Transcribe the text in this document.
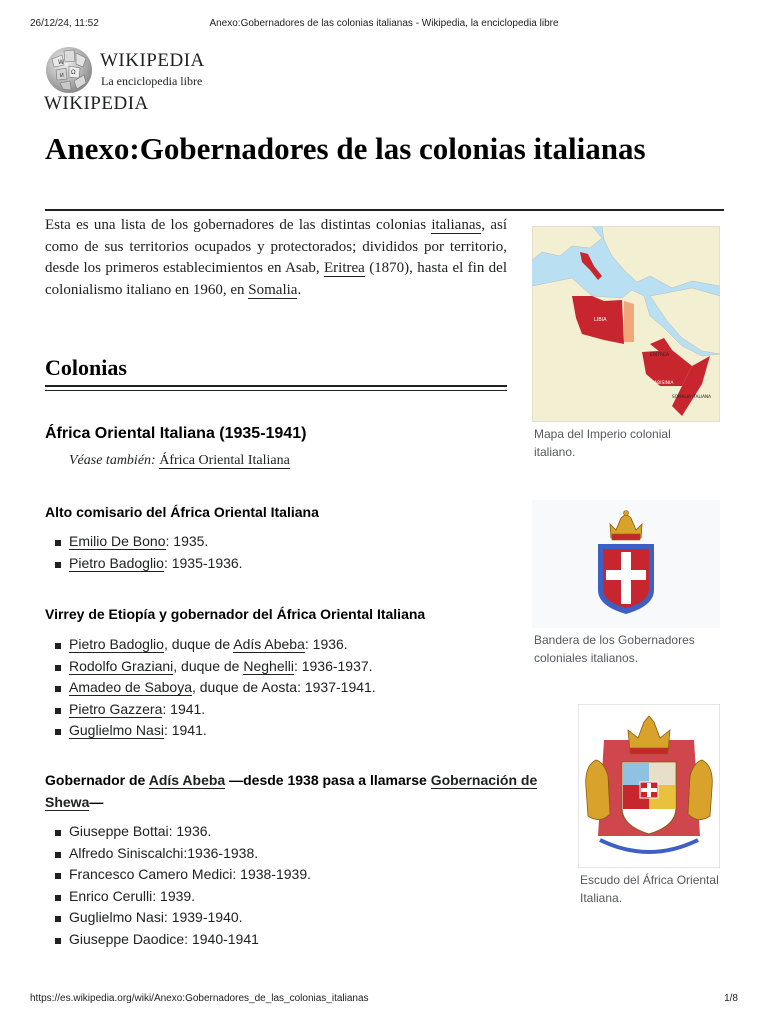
26/12/24, 11:52	Anexo:Gobernadores de las colonias italianas - Wikipedia, la enciclopedia libre
W
Ω
И
WIKIPEDIA
La enciclopedia libre
WIKIPEDIA
Anexo:Gobernadores de las colonias italianas

Esta es una lista de los gobernadores de las distintas colonias italianas, así como de sus territorios ocupados y protectorados; divididos por territorio, desde los primeros establecimientos en Asab, Eritrea (1870), hasta el fin del colonialismo italiano en 1960, en Somalia.

Colonias
África Oriental Italiana (1935-1941)
Véase también: África Oriental Italiana
Alto comisario del África Oriental Italiana
Emilio De Bono: 1935.
Pietro Badoglio: 1935-1936.
Virrey de Etiopía y gobernador del África Oriental Italiana
Pietro Badoglio, duque de Adís Abeba: 1936.
Rodolfo Graziani, duque de Neghelli: 1936-1937.
Amadeo de Saboya, duque de Aosta: 1937-1941.
Pietro Gazzera: 1941.
Guglielmo Nasi: 1941.
Gobernador de Adís Abeba —desde 1938 pasa a llamarse Gobernación de Shewa—
Giuseppe Bottai: 1936.
Alfredo Siniscalchi:1936-1938.
Francesco Camero Medici: 1938-1939.
Enrico Cerulli: 1939.
Guglielmo Nasi: 1939-1940.
Giuseppe Daodice: 1940-1941
LIBIA
ERITREA
ABISINIA
SOMALIA ITALIANA
Mapa del Imperio colonial italiano.
Bandera de los Gobernadores coloniales italianos.
Escudo del África Oriental Italiana.
https://es.wikipedia.org/wiki/Anexo:Gobernadores_de_las_colonias_italianas	1/8
